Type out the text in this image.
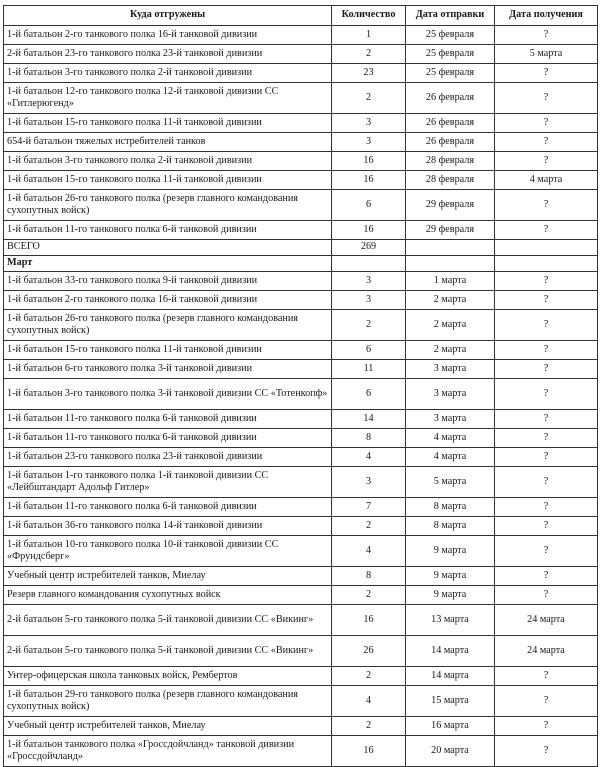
Куда отгружены	Количество	Дата отправки	Дата получения
1-й батальон 2-го танкового полка 16-й танковой дивизии	1	25 февраля	?
2-й батальон 23-го танкового полка 23-й танковой дивизии	2	25 февраля	5 марта
1-й батальон 3-го танкового полка 2-й танковой дивизии	23	25 февраля	?
1-й батальон 12-го танкового полка 12-й танковой дивизии СС «Гитлерюгенд»	2	26 февраля	?
1-й батальон 15-го танкового полка 11-й танковой дивизии	3	26 февраля	?
654-й батальон тяжелых истребителей танков	3	26 февраля	?
1-й батальон 3-го танкового полка 2-й танковой дивизии	16	28 февраля	?
1-й батальон 15-го танкового полка 11-й танковой дивизии	16	28 февраля	4 марта
1-й батальон 26-го танкового полка (резерв главного командования сухопутных войск)	6	29 февраля	?
1-й батальон 11-го танкового полка 6-й танковой дивизии	16	29 февраля	?
ВСЕГО	269		
Март			
1-й батальон 33-го танкового полка 9-й танковой дивизии	3	1 марта	?
1-й батальон 2-го танкового полка 16-й танковой дивизии	3	2 марта	?
1-й батальон 26-го танкового полка (резерв главного командования сухопутных войск)	2	2 марта	?
1-й батальон 15-го танкового полка 11-й танковой дивизии	6	2 марта	?
1-й батальон 6-го танкового полка 3-й танковой дивизии	11	3 марта	?
1-й батальон 3-го танкового полка 3-й танковой дивизии СС «Тотенкопф»	6	3 марта	?
1-й батальон 11-го танкового полка 6-й танковой дивизии	14	3 марта	?
1-й батальон 11-го танкового полка 6-й танковой дивизии	8	4 марта	?
1-й батальон 23-го танкового полка 23-й танковой дивизии	4	4 марта	?
1-й батальон 1-го танкового полка 1-й танковой дивизии СС «Лейбштандарт Адольф Гитлер»	3	5 марта	?
1-й батальон 11-го танкового полка 6-й танковой дивизии	7	8 марта	?
1-й батальон 36-го танкового полка 14-й танковой дивизии	2	8 марта	?
1-й батальон 10-го танкового полка 10-й танковой дивизии СС «Фрундсберг»	4	9 марта	?
Учебный центр истребителей танков, Миелау	8	9 марта	?
Резерв главного командования сухопутных войск	2	9 марта	?
2-й батальон 5-го танкового полка 5-й танковой дивизии СС «Викинг»	16	13 марта	24 марта
2-й батальон 5-го танкового полка 5-й танковой дивизии СС «Викинг»	26	14 марта	24 марта
Унтер-офицерская школа танковых войск, Рембертов	2	14 марта	?
1-й батальон 29-го танкового полка (резерв главного командования сухопутных войск)	4	15 марта	?
Учебный центр истребителей танков, Миелау	2	16 марта	?
1-й батальон танкового полка «Гроссдойчланд» танковой дивизии «Гроссдойчланд»	16	20 марта	?
